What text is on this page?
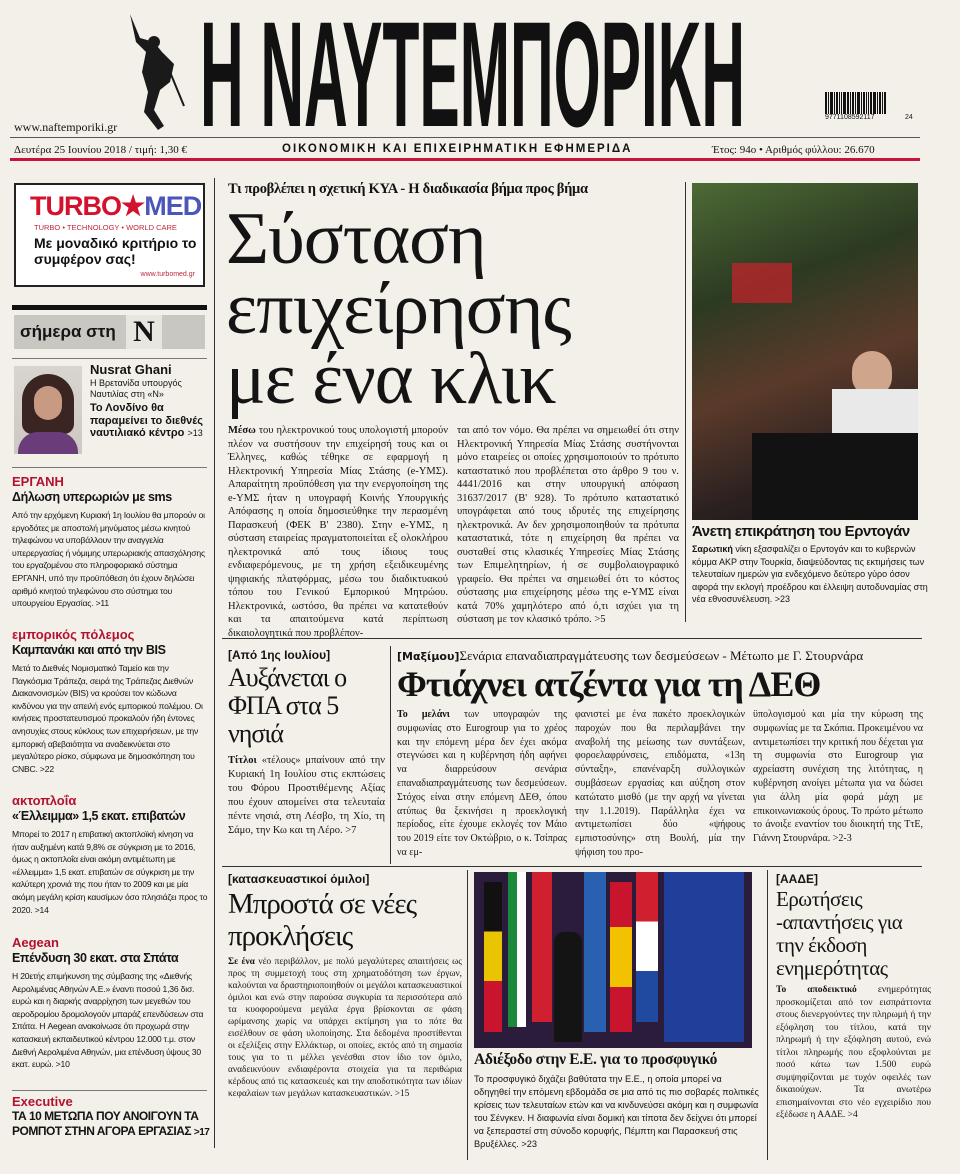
Η ΝΑΥΤΕΜΠΟΡΙΚΗ
www.naftemporiki.gr
9771108592117	24
Δευτέρα 25 Ιουνίου 2018 / τιμή: 1,30 €	ΟΙΚΟΝΟΜΙΚΗ ΚΑΙ ΕΠΙΧΕΙΡΗΜΑΤΙΚΗ ΕΦΗΜΕΡΙΔΑ	Έτος: 94ο • Αριθμός φύλλου: 26.670
TURBO★MED
TURBO • TECHNOLOGY • WORLD CARE
Με μοναδικό κριτήριο το συμφέρον σας!
www.turbomed.gr
σήμερα στη N
Nusrat Ghani
Η Βρετανίδα υπουργός Ναυτιλίας στη «Ν»
Το Λονδίνο θα παραμείνει το διεθνές ναυτιλιακό κέντρο >13
ΕΡΓΑΝΗ
Δήλωση υπερωριών με sms
Από την ερχόμενη Κυριακή 1η Ιουλίου θα μπορούν οι εργοδότες με αποστολή μηνύματος μέσω κινητού τηλεφώνου να υποβάλλουν την αναγγελία υπερεργασίας ή νόμιμης υπερωριακής απασχόλησης του εργαζομένου στο πληροφοριακό σύστημα ΕΡΓΑΝΗ, υπό την προϋπόθεση ότι έχουν δηλώσει αριθμό κινητού τηλεφώνου στο σύστημα του υπουργείου Εργασίας. >11
εμπορικός πόλεμος
Καμπανάκι και από την BIS
Μετά το Διεθνές Νομισματικό Ταμείο και την Παγκόσμια Τράπεζα, σειρά της Τράπεζας Διεθνών Διακανονισμών (BIS) να κρούσει τον κώδωνα κινδύνου για την απειλή ενός εμπορικού πολέμου. Οι κινήσεις προστατευτισμού προκαλούν ήδη έντονες ανησυχίες στους κύκλους των επιχειρήσεων, με την εμπορική αβεβαιότητα να αναδεικνύεται στο μεγαλύτερο ρίσκο, σύμφωνα με δημοσκόπηση του CNBC. >22
ακτοπλοΐα
«Έλλειμμα» 1,5 εκατ. επιβατών
Μπορεί το 2017 η επιβατική ακτοπλοϊκή κίνηση να ήταν αυξημένη κατά 9,8% σε σύγκριση με το 2016, όμως η ακτοπλοΐα είναι ακόμη αντιμέτωπη με «έλλειμμα» 1,5 εκατ. επιβατών σε σύγκριση με την καλύτερη χρονιά της που ήταν το 2009 και με μία ακόμη μεγάλη κρίση καυσίμων όσο πλησιάζει προς το 2020. >14
Aegean
Επένδυση 30 εκατ. στα Σπάτα
Η 20ετής επιμήκυνση της σύμβασης της «Διεθνής Αερολιμένας Αθηνών Α.Ε.» έναντι ποσού 1,36 δισ. ευρώ και η διαρκής αναρρίχηση των μεγεθών του αεροδρομίου δρομολογούν μπαράζ επενδύσεων στα Σπάτα. Η Aegean ανακοίνωσε ότι προχωρά στην κατασκευή εκπαιδευτικού κέντρου 12.000 τ.μ. στον Διεθνή Αερολιμένα Αθηνών, μια επένδυση ύψους 30 εκατ. ευρώ. >10
Executive
ΤΑ 10 ΜΕΤΩΠΑ ΠΟΥ ΑΝΟΙΓΟΥΝ ΤΑ ΡΟΜΠΟΤ ΣΤΗΝ ΑΓΟΡΑ ΕΡΓΑΣΙΑΣ >17
Τι προβλέπει η σχετική ΚΥΑ - Η διαδικασία βήμα προς βήμα
Σύσταση
επιχείρησης
με ένα κλικ
Μέσω του ηλεκτρονικού τους υπολογιστή μπορούν πλέον να συστήσουν την επιχείρησή τους και οι Έλληνες, καθώς τέθηκε σε εφαρμογή η Ηλεκτρονική Υπηρεσία Μίας Στάσης (e-ΥΜΣ). Απαραίτητη προϋπόθεση για την ενεργοποίηση της e-ΥΜΣ ήταν η υπογραφή Κοινής Υπουργικής Απόφασης η οποία δημοσιεύθηκε την περασμένη Παρασκευή (ΦΕΚ Β' 2380). Στην e-ΥΜΣ, η σύσταση εταιρείας πραγματοποιείται εξ ολοκλήρου ηλεκτρονικά από τους ίδιους τους ενδιαφερόμενους, με τη χρήση εξειδικευμένης ψηφιακής πλατφόρμας, μέσω του διαδικτυακού τόπου του Γενικού Εμπορικού Μητρώου. Ηλεκτρονικά, ωστόσο, θα πρέπει να κατατεθούν και τα απαιτούμενα κατά περίπτωση δικαιολογητικά που προβλέπον-
ται από τον νόμο. Θα πρέπει να σημειωθεί ότι στην Ηλεκτρονική Υπηρεσία Μίας Στάσης συστήνονται μόνο εταιρείες οι οποίες χρησιμοποιούν το πρότυπο καταστατικό που προβλέπεται στο άρθρο 9 του ν. 4441/2016 και στην υπουργική απόφαση 31637/2017 (Β' 928). Το πρότυπο καταστατικό υπογράφεται από τους ιδρυτές της επιχείρησης ηλεκτρονικά. Αν δεν χρησιμοποιηθούν τα πρότυπα καταστατικά, τότε η επιχείρηση θα πρέπει να συσταθεί στις κλασικές Υπηρεσίες Μίας Στάσης των Επιμελητηρίων, ή σε συμβολαιογραφικό γραφείο. Θα πρέπει να σημειωθεί ότι το κόστος σύστασης μια επιχείρησης μέσω της e-ΥΜΣ είναι κατά 70% χαμηλότερο από ό,τι ισχύει για τη σύσταση με τον κλασικό τρόπο. >5
Άνετη επικράτηση του Ερντογάν
Σαρωτική νίκη εξασφαλίζει ο Ερντογάν και το κυβερνών κόμμα ΑΚΡ στην Τουρκία, διαψεύδοντας τις εκτιμήσεις των τελευταίων ημερών για ενδεχόμενο δεύτερο γύρο όσον αφορά την εκλογή προέδρου και έλλειψη αυτοδυναμίας στη νέα εθνοσυνέλευση. >23
[Από 1ης Ιουλίου]
Αυξάνεται ο ΦΠΑ στα 5 νησιά
Τίτλοι «τέλους» μπαίνουν από την Κυριακή 1η Ιουλίου στις εκπτώσεις του Φόρου Προστιθέμενης Αξίας που έχουν απομείνει στα τελευταία πέντε νησιά, στη Λέσβο, τη Χίο, τη Σάμο, την Κω και τη Λέρο. >7
[Μαξίμου]Σενάρια επαναδιαπραγμάτευσης των δεσμεύσεων - Μέτωπο με Γ. Στουρνάρα
Φτιάχνει ατζέντα για τη ΔΕΘ
Το μελάνι των υπογραφών της συμφωνίας στο Eurogroup για το χρέος και την επόμενη μέρα δεν έχει ακόμα στεγνώσει και η κυβέρνηση ήδη αφήνει να διαρρεύσουν σενάρια επαναδιαπραγμάτευσης των δεσμεύσεων. Στόχος είναι στην επόμενη ΔΕΘ, όπου ατύπως θα ξεκινήσει η προεκλογική περίοδος, είτε έχουμε εκλογές τον Μάιο του 2019 είτε τον Οκτώβριο, ο κ. Τσίπρας να εμ-
φανιστεί με ένα πακέτο προεκλογικών παροχών που θα περιλαμβάνει την αναβολή της μείωσης των συντάξεων, φοροελαφρύνσεις, επιδόματα, «13η σύνταξη», επανέναρξη συλλογικών συμβάσεων εργασίας και αύξηση στον κατώτατο μισθό (με την αρχή να γίνεται την 1.1.2019). Παράλληλα έχει να αντιμετωπίσει δύο «ψήφους εμπιστοσύνης» στη Βουλή, μία την ψήφιση του προ-
ϋπολογισμού και μία την κύρωση της συμφωνίας με τα Σκόπια. Προκειμένου να αντιμετωπίσει την κριτική που δέχεται για τη συμφωνία στο Eurogroup για αχρείαστη συνέχιση της λιτότητας, η κυβέρνηση ανοίγει μέτωπα για να δώσει για άλλη μία φορά μάχη με επικοινωνιακούς όρους. Το πρώτο μέτωπο το άνοιξε εναντίον του διοικητή της ΤτΕ, Γιάννη Στουρνάρα. >2-3
[κατασκευαστικοί όμιλοι]
Μπροστά σε νέες προκλήσεις
Σε ένα νέο περιβάλλον, με πολύ μεγαλύτερες απαιτήσεις ως προς τη συμμετοχή τους στη χρηματοδότηση των έργων, καλούνται να δραστηριοποιηθούν οι μεγάλοι κατασκευαστικοί όμιλοι και ενώ στην παρούσα συγκυρία τα περισσότερα από τα κυοφορούμενα μεγάλα έργα βρίσκονται σε φάση ωρίμανσης χωρίς να υπάρχει εκτίμηση για το πότε θα εισέλθουν σε φάση υλοποίησης. Στα δεδομένα προστίθενται οι εξελίξεις στην Ελλάκτωρ, οι οποίες, εκτός από τη σημασία τους για το τι μέλλει γενέσθαι στον ίδιο τον όμιλο, αναδεικνύουν ενδιαφέροντα στοιχεία για τα περιθώρια κέρδους από τις κατασκευές και την αποδοτικότητα των ιδίων κεφαλαίων των μεγάλων κατασκευαστικών. >15
Αδιέξοδο στην Ε.Ε. για το προσφυγικό
Το προσφυγικό διχάζει βαθύτατα την Ε.Ε., η οποία μπορεί να οδηγηθεί την επόμενη εβδομάδα σε μια από τις πιο σοβαρές πολιτικές κρίσεις των τελευταίων ετών και να κινδυνεύσει ακόμη και η συμφωνία του Σένγκεν. Η διαφωνία είναι δομική και τίποτα δεν δείχνει ότι μπορεί να ξεπεραστεί στη σύνοδο κορυφής, Πέμπτη και Παρασκευή στις Βρυξέλλες. >23
[ΑΑΔΕ]
Ερωτήσεις -απαντήσεις για την έκδοση ενημερότητας
Το αποδεικτικό ενημερότητας προσκομίζεται από τον εισπράττοντα στους διενεργούντες την πληρωμή ή την εξόφληση του τίτλου, κατά την πληρωμή ή την εξόφληση αυτού, ενώ τίτλοι πληρωμής που εξοφλούνται με ποσό κάτω των 1.500 ευρώ συμψηφίζονται με τυχόν οφειλές των δικαιούχων. Τα ανωτέρω επισημαίνονται στο νέο εγχειρίδιο που εξέδωσε η ΑΑΔΕ. >4
